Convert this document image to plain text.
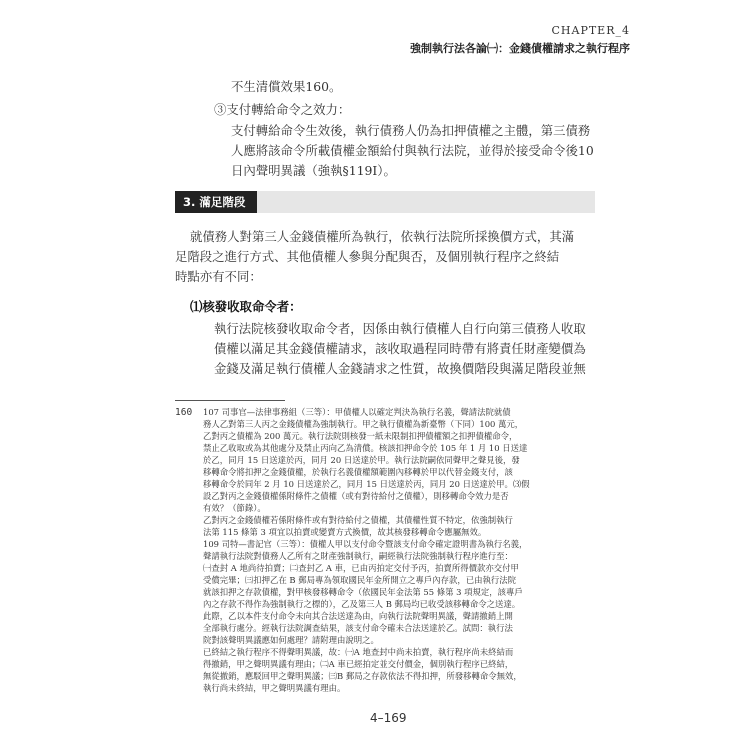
CHAPTER_4
強制執行法各論㈠：金錢債權請求之執行程序
不生清償效果160。
③支付轉給命令之效力：
支付轉給命令生效後，執行債務人仍為扣押債權之主體，第三債務
人應將該命令所載債權金額給付與執行法院，並得於接受命令後10
日內聲明異議（強執§119Ⅰ）。
3. 滿足階段
就債務人對第三人金錢債權所為執行，依執行法院所採換價方式，其滿
足階段之進行方式、其他債權人參與分配與否，及個別執行程序之終結
時點亦有不同：
⑴核發收取命令者：
執行法院核發收取命令者，因係由執行債權人自行向第三債務人收取
債權以滿足其金錢債權請求，該收取過程同時帶有將責任財產變價為
金錢及滿足執行債權人金錢請求之性質，故換價階段與滿足階段並無
160 107 司事官—法律事務組（三等）：甲債權人以確定判決為執行名義，聲請法院就債
務人乙對第三人丙之金錢債權為強制執行。甲之執行債權為新臺幣（下同）100 萬元，
乙對丙之債權為 200 萬元。執行法院則核發一紙未限制扣押債權額之扣押債權命令，
禁止乙收取或為其他處分及禁止丙向乙為清償。核該扣押命令於 105 年 1 月 10 日送達
於乙，同月 15 日送達於丙，同月 20 日送達於甲。執行法院嗣依同聲甲之聲見後，發
移轉命令將扣押之金錢債權，於執行名義債權額範圍內移轉於甲以代替金錢支付，該
移轉命令於同年 2 月 10 日送達於乙，同月 15 日送達於丙，同月 20 日送達於甲。⑶假
設乙對丙之金錢債權係附條件之債權（或有對待給付之債權），則移轉命令效力是否
有效？（節錄）。
乙對丙之金錢債權若係附條件或有對待給付之債權，其債權性質不特定，依強制執行
法第 115 條第 3 項宜以拍賣或變賣方式換價，故其核發移轉命令應屬無效。
109 司特—書記官（三等）：債權人甲以支付命令暨該支付命令確定證明書為執行名義，
聲請執行法院對債務人乙所有之財產強制執行，嗣經執行法院強制執行程序進行至：
㈠查封 A 地尚待拍賣；㈡查封乙 A 車，已由丙拍定交付予丙，拍賣所得價款亦交付甲
受償完畢；㈢扣押乙在 B 郵局專為領取國民年金所開立之專戶內存款，已由執行法院
就該扣押之存款債權，對甲核發移轉命令（依國民年金法第 55 條第 3 項規定，該專戶
內之存款不得作為強制執行之標的），乙及第三人 B 郵局均已收受該移轉命令之送達。
此際，乙以本件支付命令未向其合法送達為由，向執行法院聲明異議，聲請撤銷上開
全部執行處分。經執行法院調查結果，該支付命令確未合法送達於乙。試問：執行法
院對該聲明異議應如何處理？請附理由說明之。
已終結之執行程序不得聲明異議，故：㈠A 地查封中尚未拍賣，執行程序尚未終結而
得撤銷，甲之聲明異議有理由；㈡A 車已經拍定並交付價金，個別執行程序已終結，
無從撤銷，應駁回甲之聲明異議；㈢B 郵局之存款依法不得扣押，所發移轉命令無效，
執行尚未終結，甲之聲明異議有理由。
4–169
